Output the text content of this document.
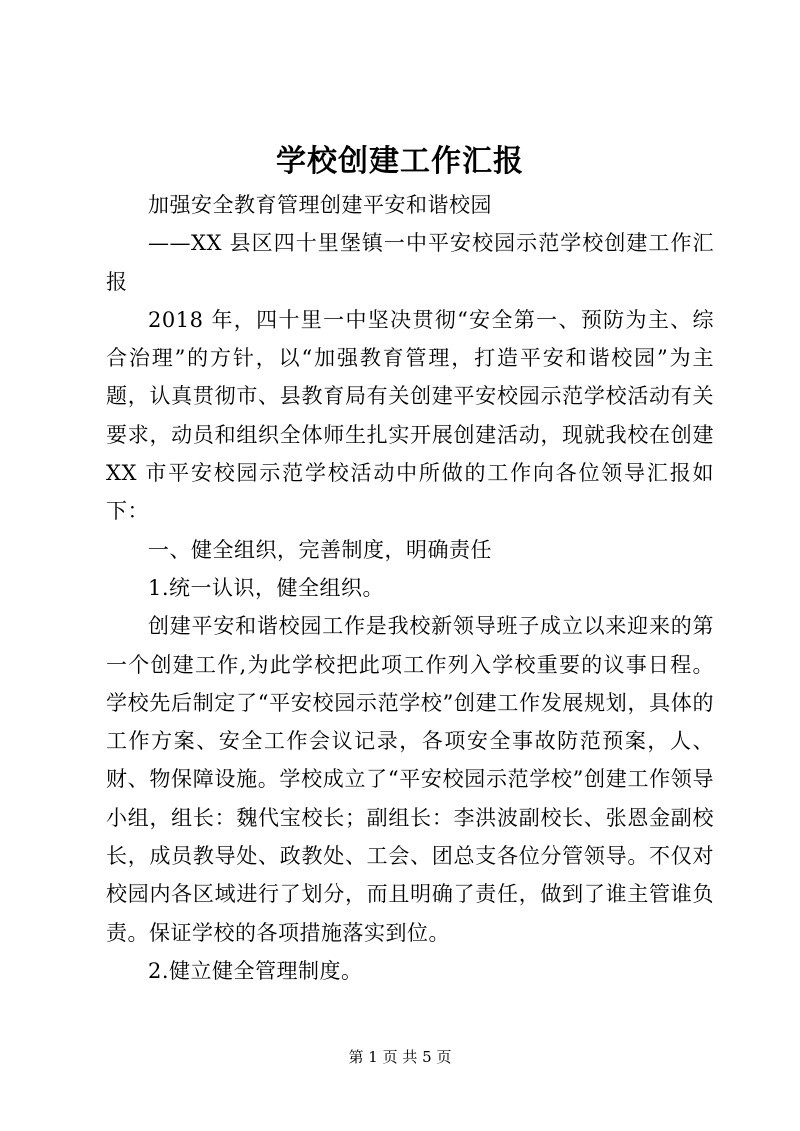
学校创建工作汇报

加强安全教育管理创建平安和谐校园

——XX 县区四十里堡镇一中平安校园示范学校创建工作汇报

2018 年，四十里一中坚决贯彻“安全第一、预防为主、综合治理”的方针，以“加强教育管理，打造平安和谐校园”为主题，认真贯彻市、县教育局有关创建平安校园示范学校活动有关要求，动员和组织全体师生扎实开展创建活动，现就我校在创建XX 市平安校园示范学校活动中所做的工作向各位领导汇报如下：

一、健全组织，完善制度，明确责任

1.统一认识，健全组织。

创建平安和谐校园工作是我校新领导班子成立以来迎来的第一个创建工作,为此学校把此项工作列入学校重要的议事日程。学校先后制定了“平安校园示范学校”创建工作发展规划，具体的工作方案、安全工作会议记录，各项安全事故防范预案，人、财、物保障设施。学校成立了“平安校园示范学校”创建工作领导小组，组长：魏代宝校长；副组长：李洪波副校长、张恩金副校长，成员教导处、政教处、工会、团总支各位分管领导。不仅对校园内各区域进行了划分，而且明确了责任，做到了谁主管谁负责。保证学校的各项措施落实到位。

2.健立健全管理制度。

第 1 页 共 5 页
